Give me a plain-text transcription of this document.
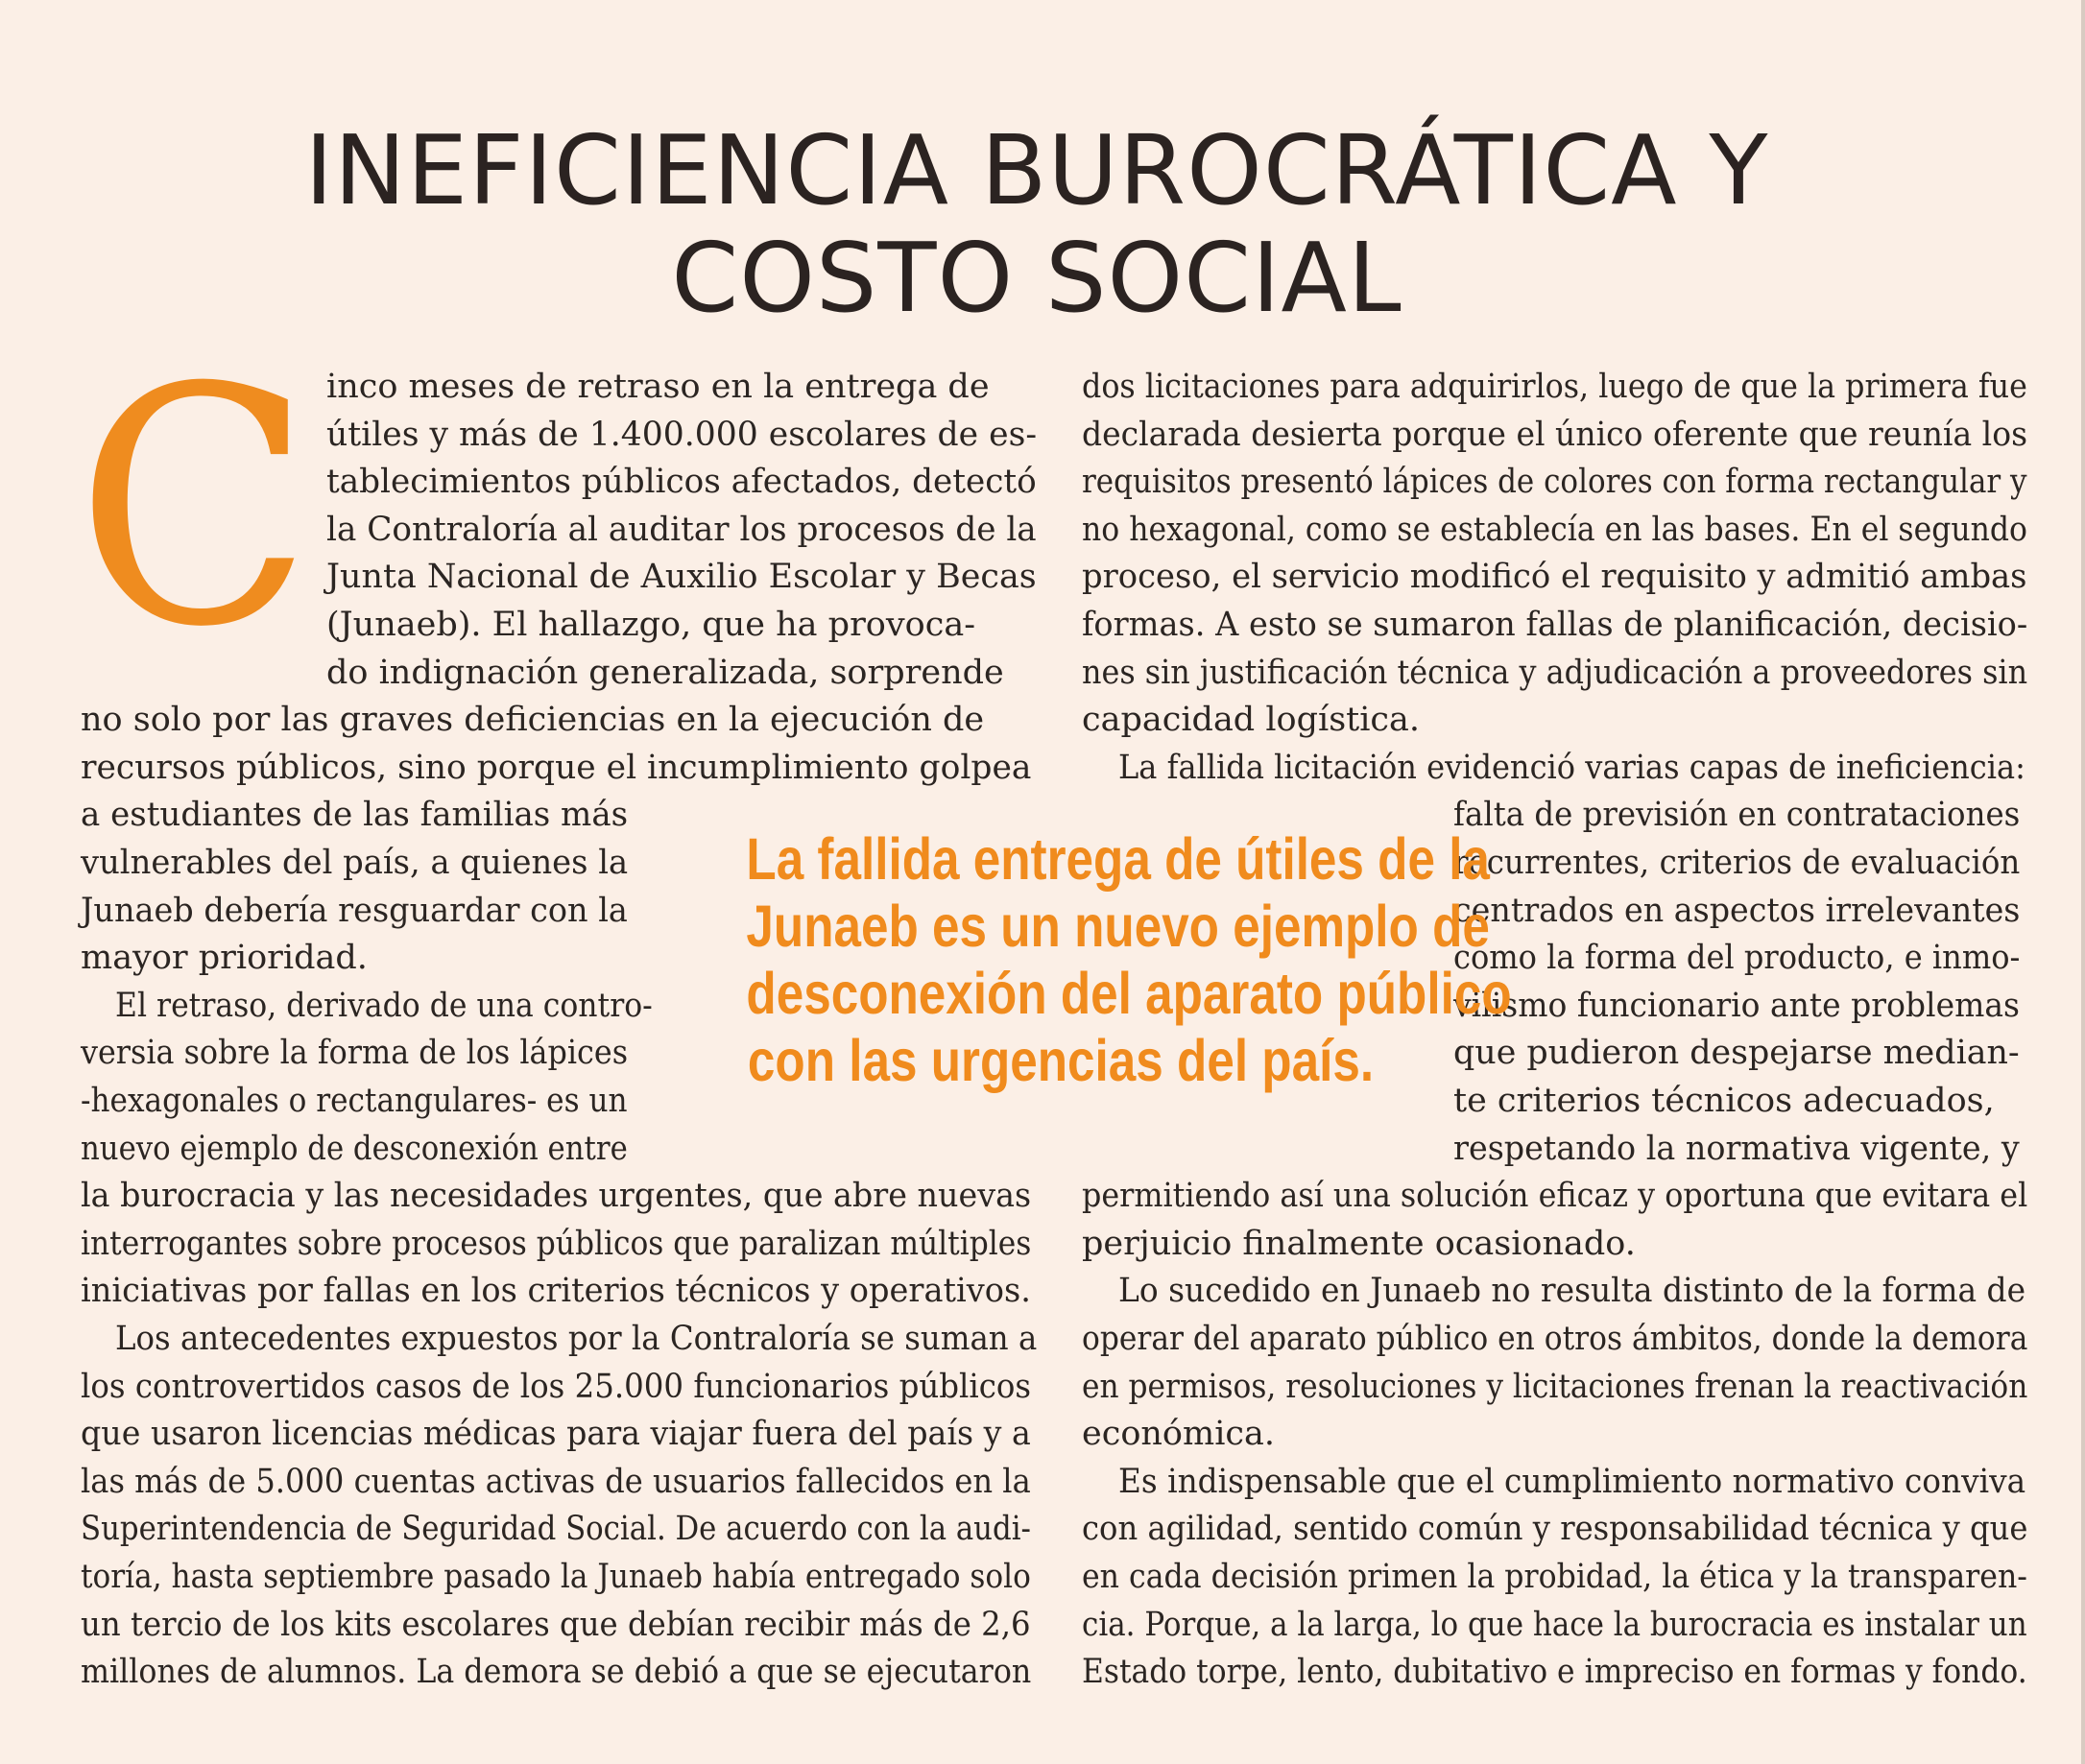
INEFICIENCIA BUROCRÁTICA Y
COSTO SOCIAL
C inco meses de retraso en la entrega de
útiles y más de 1.400.000 escolares de es-
tablecimientos públicos afectados, detectó
la Contraloría al auditar los procesos de la
Junta Nacional de Auxilio Escolar y Becas
(Junaeb). El hallazgo, que ha provoca-
do indignación generalizada, sorprende
no solo por las graves deficiencias en la ejecución de
recursos públicos, sino porque el incumplimiento golpea
a estudiantes de las familias más
vulnerables del país, a quienes la
Junaeb debería resguardar con la
mayor prioridad.
El retraso, derivado de una contro-
versia sobre la forma de los lápices
-hexagonales o rectangulares- es un
nuevo ejemplo de desconexión entre
la burocracia y las necesidades urgentes, que abre nuevas
interrogantes sobre procesos públicos que paralizan múltiples
iniciativas por fallas en los criterios técnicos y operativos.
Los antecedentes expuestos por la Contraloría se suman a
los controvertidos casos de los 25.000 funcionarios públicos
que usaron licencias médicas para viajar fuera del país y a
las más de 5.000 cuentas activas de usuarios fallecidos en la
Superintendencia de Seguridad Social. De acuerdo con la audi-
toría, hasta septiembre pasado la Junaeb había entregado solo
un tercio de los kits escolares que debían recibir más de 2,6
millones de alumnos. La demora se debió a que se ejecutaron
dos licitaciones para adquirirlos, luego de que la primera fue
declarada desierta porque el único oferente que reunía los
requisitos presentó lápices de colores con forma rectangular y
no hexagonal, como se establecía en las bases. En el segundo
proceso, el servicio modificó el requisito y admitió ambas
formas. A esto se sumaron fallas de planificación, decisio-
nes sin justificación técnica y adjudicación a proveedores sin
capacidad logística.
La fallida licitación evidenció varias capas de ineficiencia:
falta de previsión en contrataciones
recurrentes, criterios de evaluación
centrados en aspectos irrelevantes
como la forma del producto, e inmo-
vilismo funcionario ante problemas
que pudieron despejarse median-
te criterios técnicos adecuados,
respetando la normativa vigente, y
permitiendo así una solución eficaz y oportuna que evitara el
perjuicio finalmente ocasionado.
Lo sucedido en Junaeb no resulta distinto de la forma de
operar del aparato público en otros ámbitos, donde la demora
en permisos, resoluciones y licitaciones frenan la reactivación
económica.
Es indispensable que el cumplimiento normativo conviva
con agilidad, sentido común y responsabilidad técnica y que
en cada decisión primen la probidad, la ética y la transparen-
cia. Porque, a la larga, lo que hace la burocracia es instalar un
Estado torpe, lento, dubitativo e impreciso en formas y fondo.
La fallida entrega de útiles de la
Junaeb es un nuevo ejemplo de
desconexión del aparato público
con las urgencias del país.
